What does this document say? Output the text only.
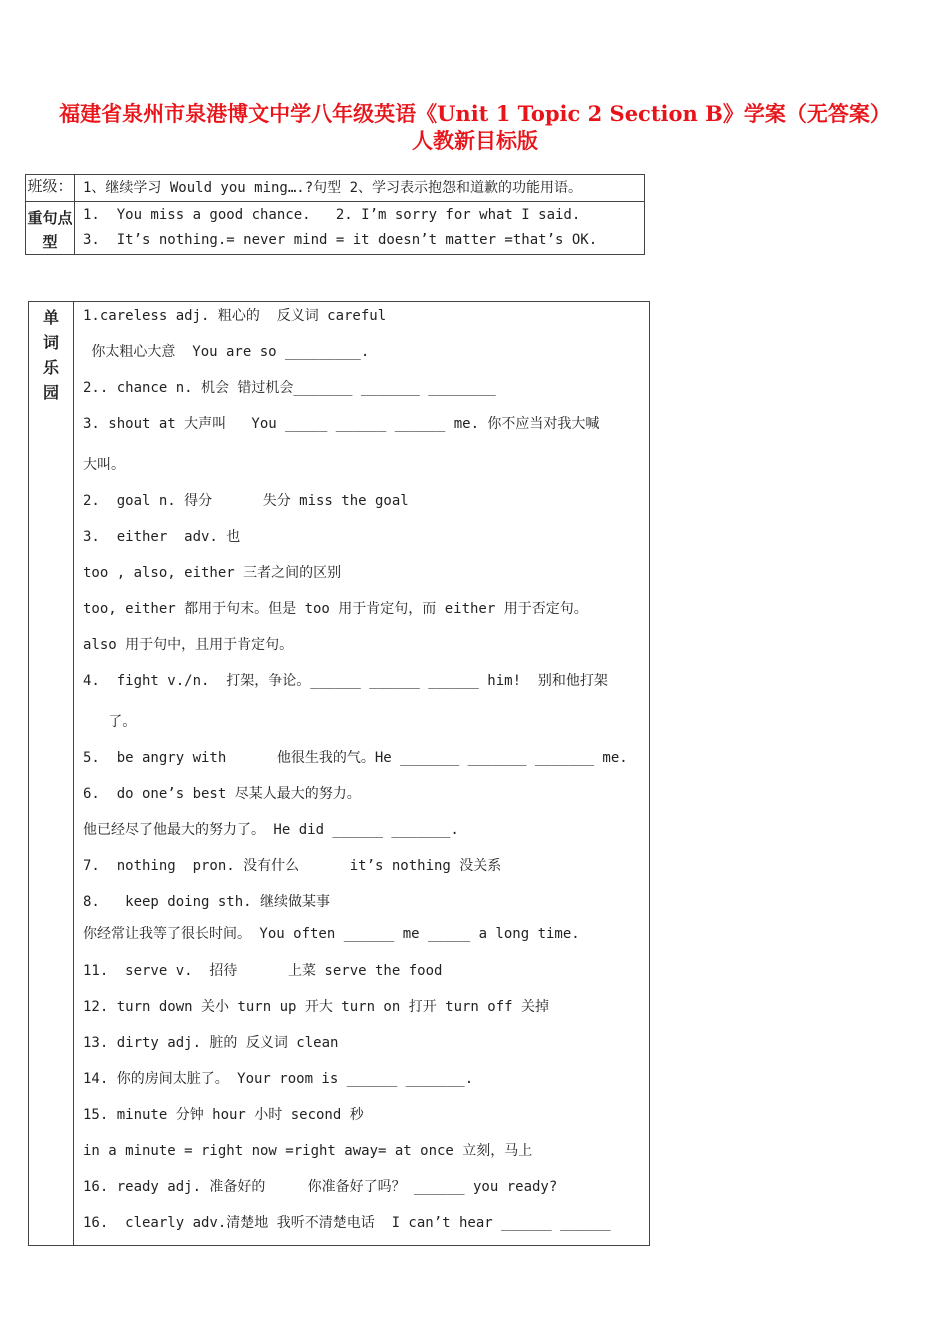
福建省泉州市泉港博文中学八年级英语《Unit 1 Topic 2 Section B》学案（无答案）
人教新目标版
班级：	1、继续学习 Would you ming….?句型 2、学习表示抱怨和道歉的功能用语。

重句点型	1.  You miss a good chance.   2. I’m sorry for what I said.
3.  It’s nothing.= never mind = it doesn’t matter =that’s OK.
单
词
乐
园

1.careless adj. 粗心的  反义词 careful
你太粗心大意  You are so _________.
2.. chance n. 机会 错过机会_______ _______ ________
3. shout at 大声叫   You _____ ______ ______ me. 你不应当对我大喊
大叫。
2.  goal n. 得分      失分 miss the goal
3.  either  adv. 也
too , also, either 三者之间的区别
too, either 都用于句末。但是 too 用于肯定句，而 either 用于否定句。
also 用于句中，且用于肯定句。
4.  fight v./n.  打架，争论。______ ______ ______ him!  别和他打架
了。
5.  be angry with      他很生我的气。He _______ _______ _______ me.
6.  do one’s best 尽某人最大的努力。
他已经尽了他最大的努力了。 He did ______ _______.
7.  nothing  pron. 没有什么      it’s nothing 没关系
8.   keep doing sth. 继续做某事
你经常让我等了很长时间。 You often ______ me _____ a long time.
11.  serve v.  招待      上菜 serve the food
12. turn down 关小 turn up 开大 turn on 打开 turn off 关掉
13. dirty adj. 脏的 反义词 clean
14. 你的房间太脏了。 Your room is ______ _______.
15. minute 分钟 hour 小时 second 秒
in a minute = right now =right away= at once 立刻，马上
16. ready adj. 准备好的     你准备好了吗？ ______ you ready?
16.  clearly adv.清楚地 我听不清楚电话  I can’t hear ______ ______
